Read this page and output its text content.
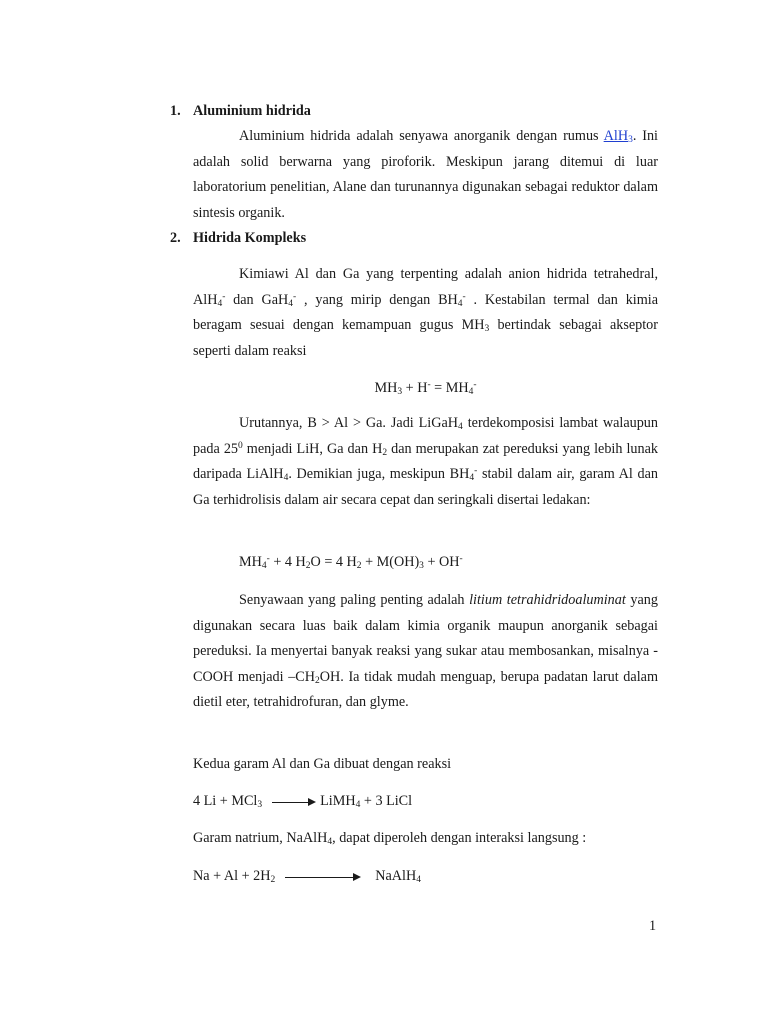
1. Aluminium hidrida
Aluminium hidrida adalah senyawa anorganik dengan rumus AlH$_3$. Ini adalah solid berwarna yang piroforik. Meskipun jarang ditemui di luar laboratorium penelitian, Alane dan turunannya digunakan sebagai reduktor dalam sintesis organik.
2. Hidrida Kompleks
Kimiawi Al dan Ga yang terpenting adalah anion hidrida tetrahedral, AlH$_4$- dan GaH$_4$- , yang mirip dengan $BH_4^-$ . Kestabilan termal dan kimia beragam sesuai dengan kemampuan gugus $MH_3$ bertindak sebagai akseptor seperti dalam reaksi
$MH_3 + H^- = MH_4^-$
Urutannya, B > Al > Ga. Jadi LiGaH$_4$ terdekomposisi lambat walaupun pada $25^0$ menjadi LiH, Ga dan $H_2$ dan merupakan zat pereduksi yang lebih lunak daripada LiAlH$_4$. Demikian juga, meskipun $BH_4^-$ stabil dalam air, garam Al dan Ga terhidrolisis dalam air secara cepat dan seringkali disertai ledakan:
$MH_4^- + 4$ $H_2O = 4$ $H_2 + M(OH)_3 + OH^-$
Senyawaan yang paling penting adalah litium tetrahidridoaluminat yang digunakan secara luas baik dalam kimia organik maupun anorganik sebagai pereduksi. Ia menyertai banyak reaksi yang sukar atau membosankan, misalnya -COOH menjadi $-CH_2OH$. Ia tidak mudah menguap, berupa padatan larut dalam dietil eter, tetrahidrofuran, dan glyme.
Kedua garam Al dan Ga dibuat dengan reaksi
4 Li + MCl$_3$	LiMH$_4$ + 3 LiCl
Garam natrium, NaAlH$_4$, dapat diperoleh dengan interaksi langsung :
$Na + Al + 2H_2$	NaAlH$_4$
1
